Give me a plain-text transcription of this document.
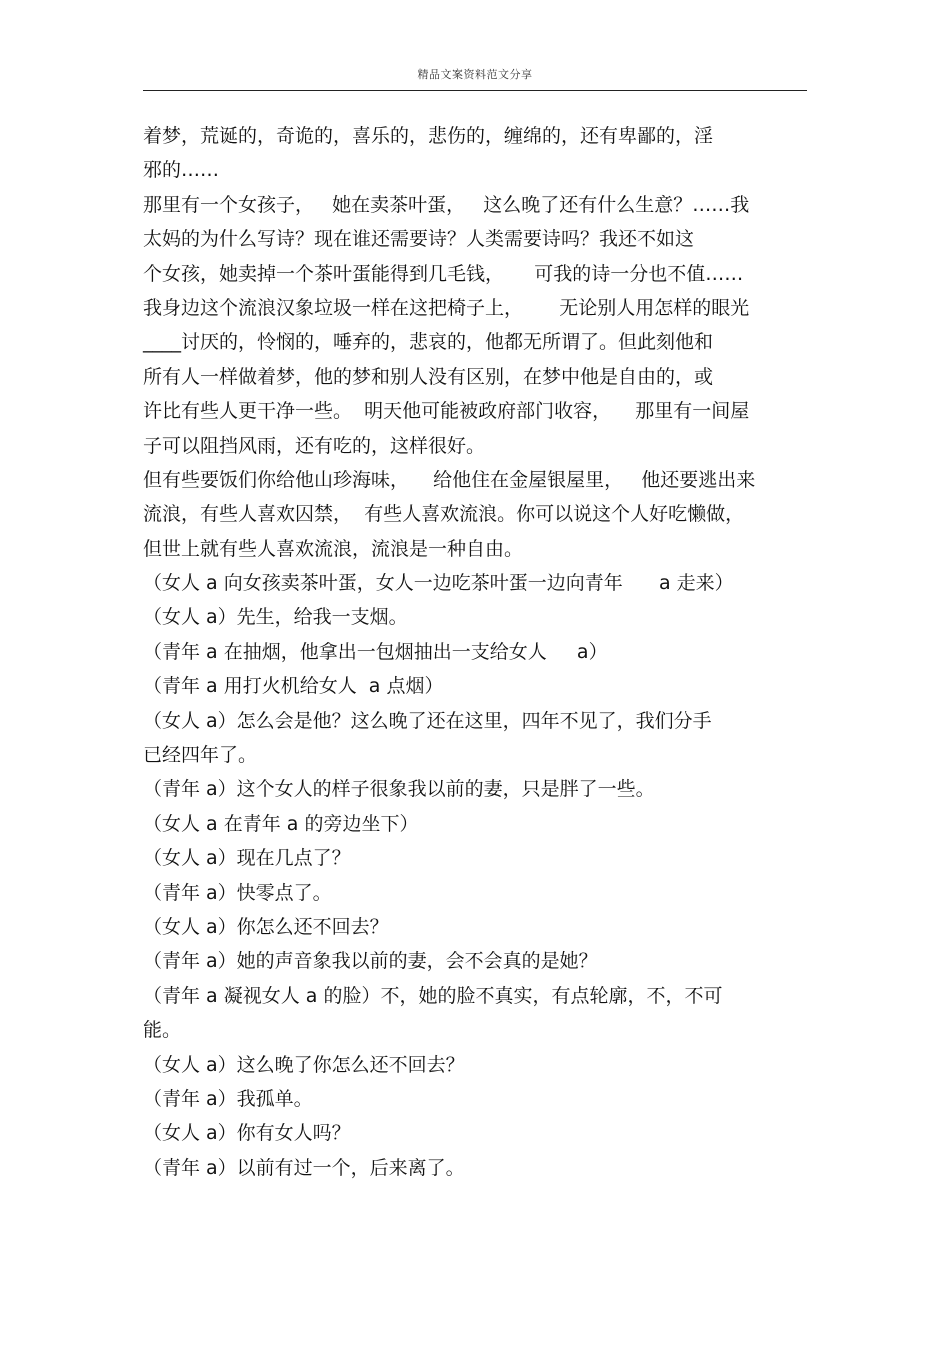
精品文案资料范文分享
着梦，荒诞的，奇诡的，喜乐的，悲伤的，缠绵的，还有卑鄙的，淫
邪的……
那里有一个女孩子，   她在卖茶叶蛋，   这么晚了还有什么生意？……我
太妈的为什么写诗？现在谁还需要诗？人类需要诗吗？我还不如这
个女孩，她卖掉一个茶叶蛋能得到几毛钱，     可我的诗一分也不值……
我身边这个流浪汉象垃圾一样在这把椅子上，      无论别人用怎样的眼光
____讨厌的，怜悯的，唾弃的，悲哀的，他都无所谓了。但此刻他和
所有人一样做着梦，他的梦和别人没有区别，在梦中他是自由的，或
许比有些人更干净一些。  明天他可能被政府部门收容，    那里有一间屋
子可以阻挡风雨，还有吃的，这样很好。
但有些要饭们你给他山珍海味，    给他住在金屋银屋里，   他还要逃出来
流浪，有些人喜欢囚禁，  有些人喜欢流浪。你可以说这个人好吃懒做，
但世上就有些人喜欢流浪，流浪是一种自由。
（女人 a 向女孩卖茶叶蛋，女人一边吃茶叶蛋一边向青年      a 走来）
（女人 a）先生，给我一支烟。
（青年 a 在抽烟，他拿出一包烟抽出一支给女人     a）
（青年 a 用打火机给女人  a 点烟）
（女人 a）怎么会是他？这么晚了还在这里，四年不见了，我们分手
已经四年了。
（青年 a）这个女人的样子很象我以前的妻，只是胖了一些。
（女人 a 在青年 a 的旁边坐下）
（女人 a）现在几点了？
（青年 a）快零点了。
（女人 a）你怎么还不回去？
（青年 a）她的声音象我以前的妻，会不会真的是她？
（青年 a 凝视女人 a 的脸）不，她的脸不真实，有点轮廓，不，不可
能。
（女人 a）这么晚了你怎么还不回去？
（青年 a）我孤单。
（女人 a）你有女人吗？
（青年 a）以前有过一个，后来离了。
